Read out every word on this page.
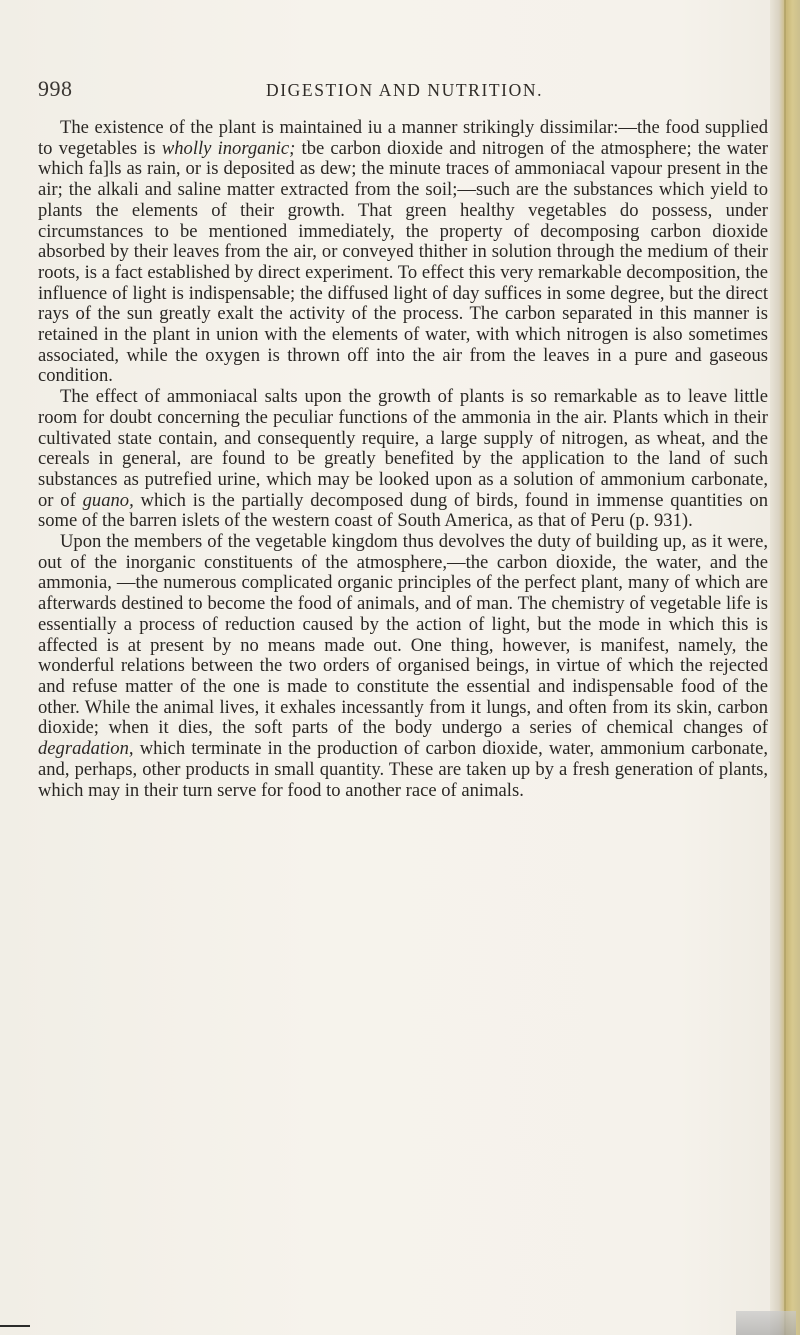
998	DIGESTION AND NUTRITION.

The existence of the plant is maintained iu a manner strikingly dissimilar:—the food supplied to vegetables is wholly inorganic; tbe carbon dioxide and nitrogen of the atmosphere; the water which fa]ls as rain, or is deposited as dew; the minute traces of ammoniacal vapour present in the air; the alkali and saline matter extracted from the soil;—such are the substances which yield to plants the elements of their growth. That green healthy vegetables do possess, under circumstances to be mentioned immediately, the property of decomposing carbon dioxide absorbed by their leaves from the air, or conveyed thither in solution through the medium of their roots, is a fact established by direct experiment. To effect this very remarkable decomposition, the influence of light is indispensable; the diffused light of day suffices in some degree, but the direct rays of the sun greatly exalt the activity of the process. The carbon separated in this manner is retained in the plant in union with the elements of water, with which nitrogen is also sometimes associated, while the oxygen is thrown off into the air from the leaves in a pure and gaseous condition.

The effect of ammoniacal salts upon the growth of plants is so remarkable as to leave little room for doubt concerning the peculiar functions of the ammonia in the air. Plants which in their cultivated state contain, and consequently require, a large supply of nitrogen, as wheat, and the cereals in general, are found to be greatly benefited by the application to the land of such substances as putrefied urine, which may be looked upon as a solution of ammonium carbonate, or of guano, which is the partially decomposed dung of birds, found in immense quantities on some of the barren islets of the western coast of South America, as that of Peru (p. 931).

Upon the members of the vegetable kingdom thus devolves the duty of building up, as it were, out of the inorganic constituents of the atmosphere,—the carbon dioxide, the water, and the ammonia, —the numerous complicated organic principles of the perfect plant, many of which are afterwards destined to become the food of animals, and of man. The chemistry of vegetable life is essentially a process of reduction caused by the action of light, but the mode in which this is affected is at present by no means made out. One thing, however, is manifest, namely, the wonderful relations between the two orders of organised beings, in virtue of which the rejected and refuse matter of the one is made to constitute the essential and indispensable food of the other. While the animal lives, it exhales incessantly from it lungs, and often from its skin, carbon dioxide; when it dies, the soft parts of the body undergo a series of chemical changes of degradation, which terminate in the production of carbon dioxide, water, ammonium carbonate, and, perhaps, other products in small quantity. These are taken up by a fresh generation of plants, which may in their turn serve for food to another race of animals.
